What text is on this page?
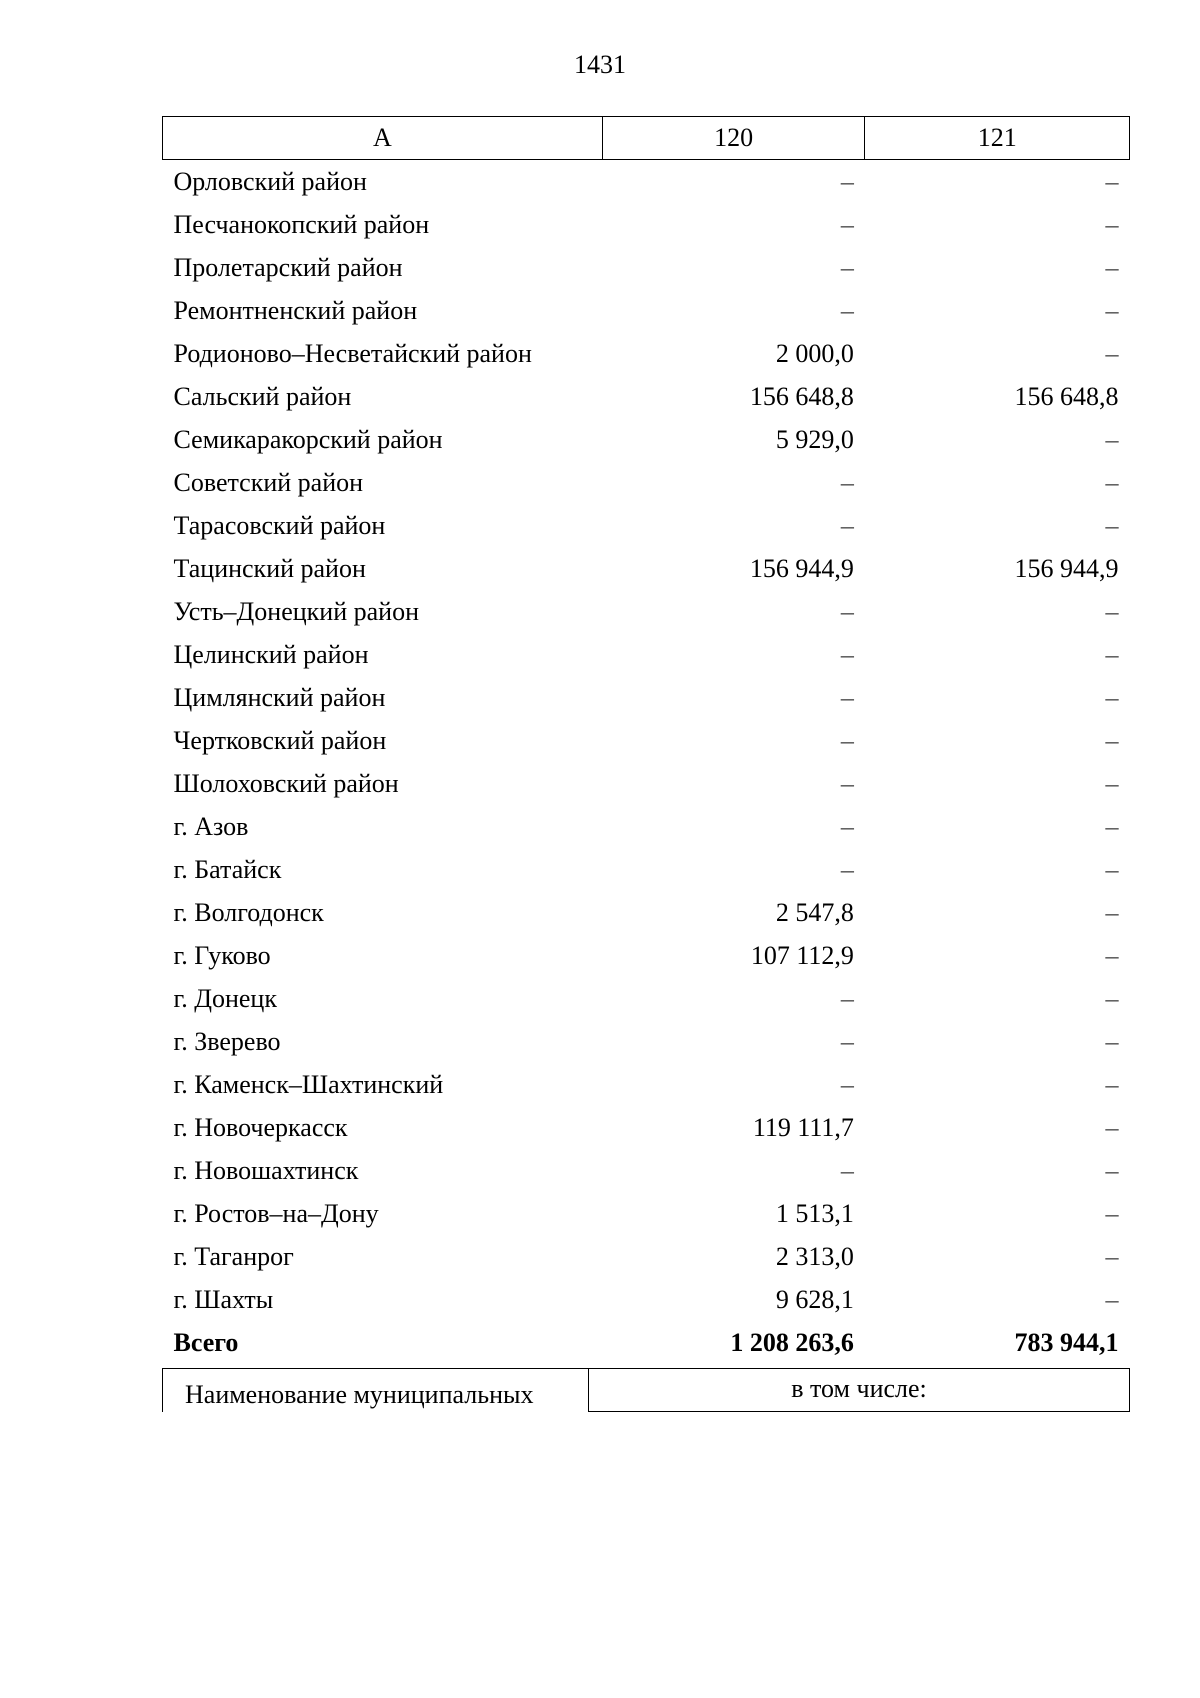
1431
А	120	121
Орловский район	–	–
Песчанокопский район	–	–
Пролетарский район	–	–
Ремонтненский район	–	–
Родионово–Несветайский район	2 000,0	–
Сальский район	156 648,8	156 648,8
Семикаракорский район	5 929,0	–
Советский район	–	–
Тарасовский район	–	–
Тацинский район	156 944,9	156 944,9
Усть–Донецкий район	–	–
Целинский район	–	–
Цимлянский район	–	–
Чертковский район	–	–
Шолоховский район	–	–
г. Азов	–	–
г. Батайск	–	–
г. Волгодонск	2 547,8	–
г. Гуково	107 112,9	–
г. Донецк	–	–
г. Зверево	–	–
г. Каменск–Шахтинский	–	–
г. Новочеркасск	119 111,7	–
г. Новошахтинск	–	–
г. Ростов–на–Дону	1 513,1	–
г. Таганрог	2 313,0	–
г. Шахты	9 628,1	–
Всего	1 208 263,6	783 944,1
Наименование муниципальных	в том числе:
